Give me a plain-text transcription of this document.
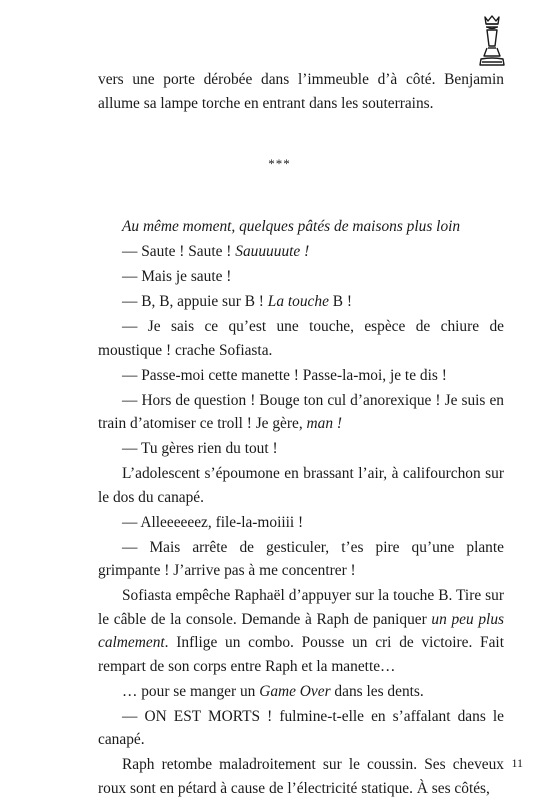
vers une porte dérobée dans l’immeuble d’à côté. Benjamin allume sa lampe torche en entrant dans les souterrains.

***

Au même moment, quelques pâtés de maisons plus loin

— Saute ! Saute ! Sauuuuute !

— Mais je saute !

— B, B, appuie sur B ! La touche B !

— Je sais ce qu’est une touche, espèce de chiure de moustique ! crache Sofiasta.

— Passe-moi cette manette ! Passe-la-moi, je te dis !

— Hors de question ! Bouge ton cul d’anorexique ! Je suis en train d’atomiser ce troll ! Je gère, man !

— Tu gères rien du tout !

L’adolescent s’époumone en brassant l’air, à califourchon sur le dos du canapé.

— Alleeeeeez, file-la-moiiii !

— Mais arrête de gesticuler, t’es pire qu’une plante grimpante ! J’arrive pas à me concentrer !

Sofiasta empêche Raphaël d’appuyer sur la touche B. Tire sur le câble de la console. Demande à Raph de paniquer un peu plus calmement. Inflige un combo. Pousse un cri de victoire. Fait rempart de son corps entre Raph et la manette…

… pour se manger un Game Over dans les dents.

— ON EST MORTS ! fulmine-t-elle en s’affalant dans le canapé.

Raph retombe maladroitement sur le coussin. Ses cheveux roux sont en pétard à cause de l’électricité statique. À ses côtés,

11
